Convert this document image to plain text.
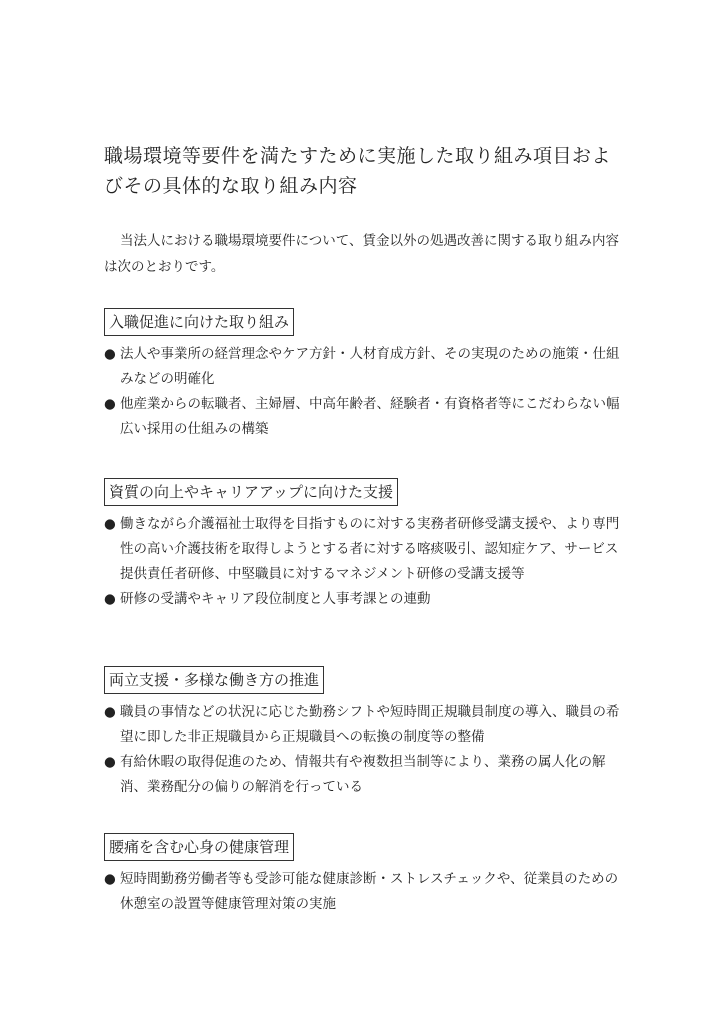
職場環境等要件を満たすために実施した取り組み項目およびその具体的な取り組み内容
当法人における職場環境要件について、賃金以外の処遇改善に関する取り組み内容は次のとおりです。
入職促進に向けた取り組み
● 法人や事業所の経営理念やケア方針・人材育成方針、その実現のための施策・仕組みなどの明確化
● 他産業からの転職者、主婦層、中高年齢者、経験者・有資格者等にこだわらない幅広い採用の仕組みの構築
資質の向上やキャリアアップに向けた支援
● 働きながら介護福祉士取得を目指すものに対する実務者研修受講支援や、より専門性の高い介護技術を取得しようとする者に対する喀痰吸引、認知症ケア、サービス提供責任者研修、中堅職員に対するマネジメント研修の受講支援等
● 研修の受講やキャリア段位制度と人事考課との連動
両立支援・多様な働き方の推進
● 職員の事情などの状況に応じた勤務シフトや短時間正規職員制度の導入、職員の希望に即した非正規職員から正規職員への転換の制度等の整備
● 有給休暇の取得促進のため、情報共有や複数担当制等により、業務の属人化の解消、業務配分の偏りの解消を行っている
腰痛を含む心身の健康管理
● 短時間勤務労働者等も受診可能な健康診断・ストレスチェックや、従業員のための休憩室の設置等健康管理対策の実施
